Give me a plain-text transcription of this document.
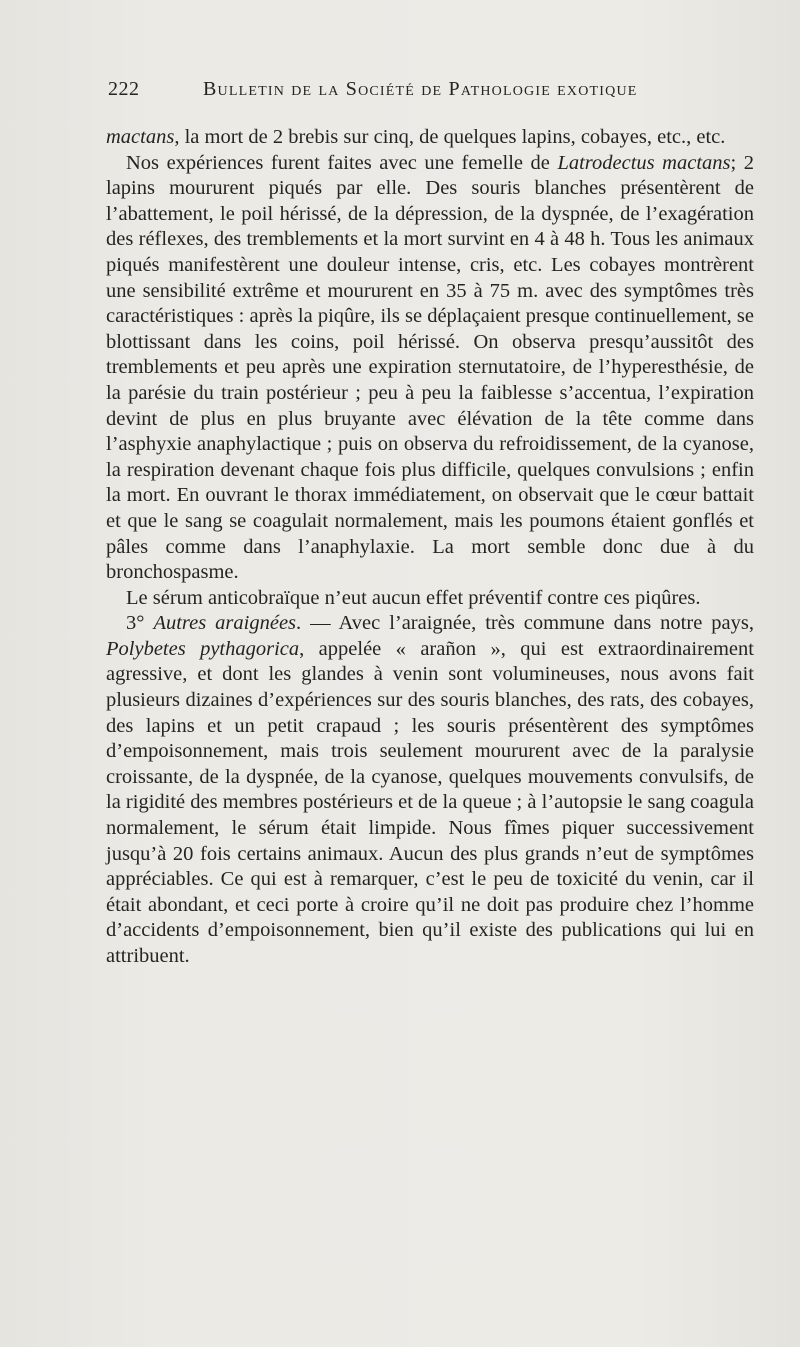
222	Bulletin de la Société de Pathologie exotique

mactans, la mort de 2 brebis sur cinq, de quelques lapins, cobayes, etc., etc.

Nos expériences furent faites avec une femelle de Latrodectus mactans; 2 lapins moururent piqués par elle. Des souris blanches présentèrent de l’abattement, le poil hérissé, de la dépression, de la dyspnée, de l’exagération des réflexes, des tremblements et la mort survint en 4 à 48 h. Tous les animaux piqués manifestèrent une douleur intense, cris, etc. Les cobayes montrèrent une sensibilité extrême et moururent en 35 à 75 m. avec des symptômes très caractéristiques : après la piqûre, ils se déplaçaient presque continuellement, se blottissant dans les coins, poil hérissé. On observa presqu’aussitôt des tremblements et peu après une expiration sternutatoire, de l’hyperesthésie, de la parésie du train postérieur ; peu à peu la faiblesse s’accentua, l’expiration devint de plus en plus bruyante avec élévation de la tête comme dans l’asphyxie anaphylactique ; puis on observa du refroidissement, de la cyanose, la respiration devenant chaque fois plus difficile, quelques convulsions ; enfin la mort. En ouvrant le thorax immédiatement, on observait que le cœur battait et que le sang se coagulait normalement, mais les poumons étaient gonflés et pâles comme dans l’anaphylaxie. La mort semble donc due à du bronchospasme.

Le sérum anticobraïque n’eut aucun effet préventif contre ces piqûres.

3° Autres araignées. — Avec l’araignée, très commune dans notre pays, Polybetes pythagorica, appelée « arañon », qui est extraordinairement agressive, et dont les glandes à venin sont volumineuses, nous avons fait plusieurs dizaines d’expériences sur des souris blanches, des rats, des cobayes, des lapins et un petit crapaud ; les souris présentèrent des symptômes d’empoisonnement, mais trois seulement moururent avec de la paralysie croissante, de la dyspnée, de la cyanose, quelques mouvements convulsifs, de la rigidité des membres postérieurs et de la queue ; à l’autopsie le sang coagula normalement, le sérum était limpide. Nous fîmes piquer successivement jusqu’à 20 fois certains animaux. Aucun des plus grands n’eut de symptômes appréciables. Ce qui est à remarquer, c’est le peu de toxicité du venin, car il était abondant, et ceci porte à croire qu’il ne doit pas produire chez l’homme d’accidents d’empoisonnement, bien qu’il existe des publications qui lui en attribuent.
